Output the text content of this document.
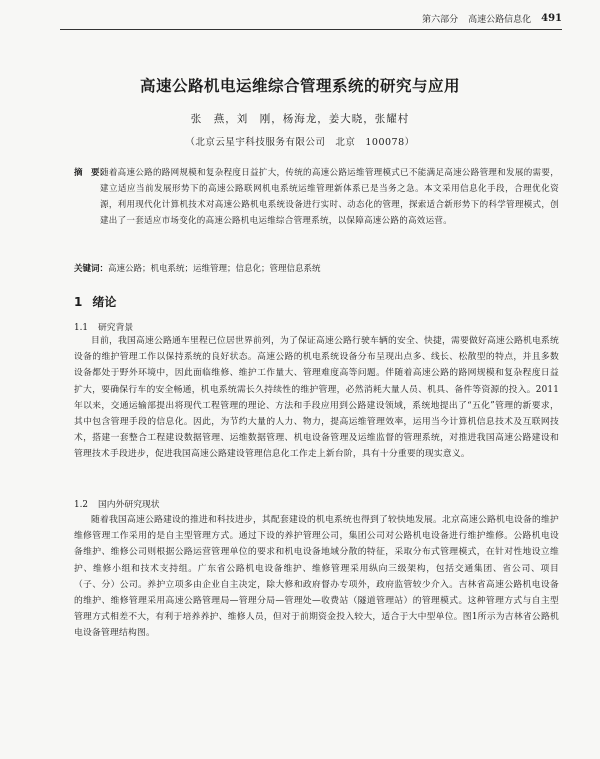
第六部分 高速公路信息化 491
高速公路机电运维综合管理系统的研究与应用
张　燕，刘　刚，杨海龙，姜大晓，张耀村
（北京云星宇科技服务有限公司　北京　100078）
摘　要：
随着高速公路的路网规模和复杂程度日益扩大，传统的高速公路运维管理模式已不能满足高速公路管理和发展的需要，建立适应当前发展形势下的高速公路联网机电系统运维管理新体系已是当务之急。本文采用信息化手段，合理优化资源，利用现代化计算机技术对高速公路机电系统设备进行实时、动态化的管理，探索适合新形势下的科学管理模式，创建出了一套适应市场变化的高速公路机电运维综合管理系统，以保障高速公路的高效运营。
关键词：高速公路；机电系统；运维管理；信息化；管理信息系统
1 绪论
1.1 研究背景
目前，我国高速公路通车里程已位居世界前列，为了保证高速公路行驶车辆的安全、快捷，需要做好高速公路机电系统设备的维护管理工作以保持系统的良好状态。高速公路的机电系统设备分布呈现出点多、线长、松散型的特点，并且多数设备都处于野外环境中，因此面临维修、维护工作量大、管理难度高等问题。伴随着高速公路的路网规模和复杂程度日益扩大，要确保行车的安全畅通，机电系统需长久持续性的维护管理，必然消耗大量人员、机具、备件等资源的投入。2011年以来，交通运输部提出将现代工程管理的理论、方法和手段应用到公路建设领域，系统地提出了“五化”管理的新要求，其中包含管理手段的信息化。因此，为节约大量的人力、物力，提高运维管理效率，运用当今计算机信息技术及互联网技术，搭建一套整合工程建设数据管理、运维数据管理、机电设备管理及运维监督的管理系统，对推进我国高速公路建设和管理技术手段进步，促进我国高速公路建设管理信息化工作走上新台阶，具有十分重要的现实意义。
1.2 国内外研究现状
随着我国高速公路建设的推进和科技进步，其配套建设的机电系统也得到了较快地发展。北京高速公路机电设备的维护维修管理工作采用的是自主型管理方式。通过下设的养护管理公司，集团公司对公路机电设备进行维护维修。公路机电设备维护、维修公司则根据公路运营管理单位的要求和机电设备地域分散的特征，采取分布式管理模式，在针对性地设立维护、维修小组和技术支持组。广东省公路机电设备维护、维修管理采用纵向三级架构，包括交通集团、省公司、项目（子、分）公司。养护立项多由企业自主决定，除大修和政府督办专项外，政府监管较少介入。吉林省高速公路机电设备的维护、维修管理采用高速公路管理局—管理分局—管理处—收费站（隧道管理站）的管理模式。这种管理方式与自主型管理方式相差不大，有利于培养养护、维修人员，但对于前期资金投入较大，适合于大中型单位。图1所示为吉林省公路机电设备管理结构图。
